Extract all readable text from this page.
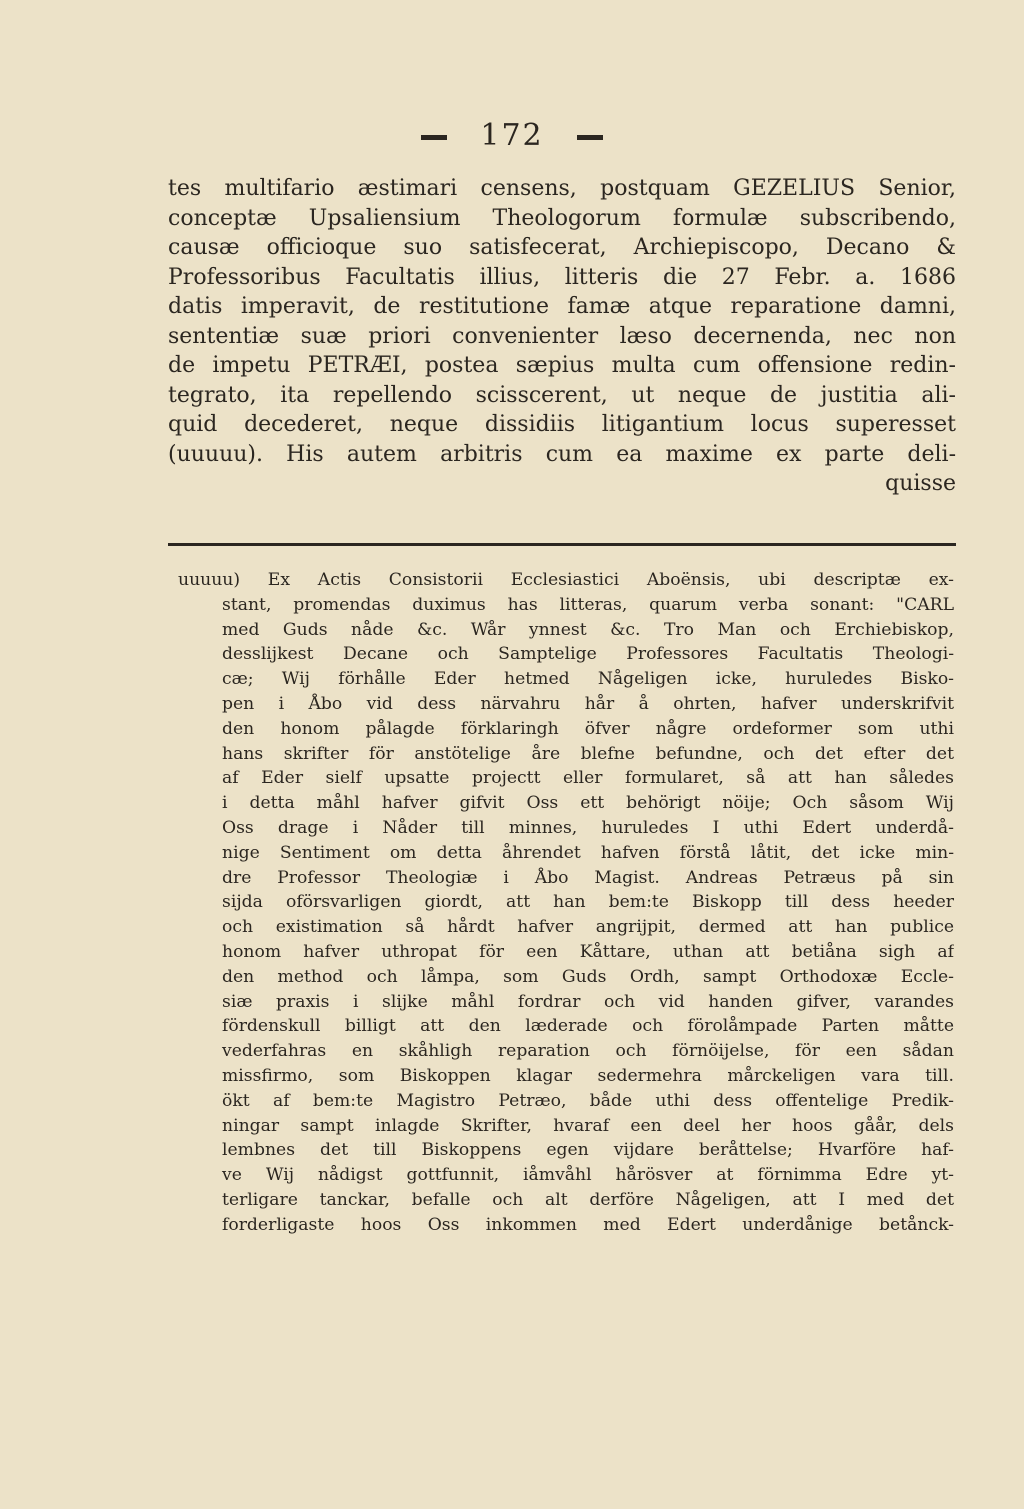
172
tes multifario æstimari censens, postquam GEZELIUS Senior,
conceptæ Upsaliensium Theologorum formulæ subscribendo,
causæ officioque suo satisfecerat, Archiepiscopo, Decano &
Professoribus Facultatis illius, litteris die 27 Febr. a. 1686
datis imperavit, de restitutione famæ atque reparatione damni,
sententiæ suæ priori convenienter læso decernenda, nec non
de impetu PETRÆI, postea sæpius multa cum offensione redin-
tegrato, ita repellendo scisscerent, ut neque de justitia ali-
quid decederet, neque dissidiis litigantium locus superesset
(uuuuu). His autem arbitris cum ea maxime ex parte deli-
quisse
uuuuu) Ex Actis Consistorii Ecclesiastici Aboënsis, ubi descriptæ ex-
stant, promendas duximus has litteras, quarum verba sonant: "CARL
med Guds nåde &c. Wår ynnest &c. Tro Man och Erchiebiskop,
desslijkest Decane och Samptelige Professores Facultatis Theologi-
cæ; Wij förhålle Eder hetmed Någeligen icke, huruledes Bisko-
pen i Åbo vid dess närvahru hår å ohrten, hafver underskrifvit
den honom pålagde förklaringh öfver någre ordeformer som uthi
hans skrifter för anstötelige åre blefne befundne, och det efter det
af Eder sielf upsatte projectt eller formularet, så att han således
i detta måhl hafver gifvit Oss ett behörigt nöije; Och såsom Wij
Oss drage i Nåder till minnes, huruledes I uthi Edert underdå-
nige Sentiment om detta åhrendet hafven förstå låtit, det icke min-
dre Professor Theologiæ i Åbo Magist. Andreas Petræus på sin
sijda oförsvarligen giordt, att han bem:te Biskopp till dess heeder
och existimation så hårdt hafver angrijpit, dermed att han publice
honom hafver uthropat för een Kåttare, uthan att betiåna sigh af
den method och låmpa, som Guds Ordh, sampt Orthodoxæ Eccle-
siæ praxis i slijke måhl fordrar och vid handen gifver, varandes
fördenskull billigt att den læderade och förolåmpade Parten måtte
vederfahras en skåhligh reparation och förnöijelse, för een sådan
missfirmo, som Biskoppen klagar sedermehra mårckeligen vara till.
ökt af bem:te Magistro Petræo, både uthi dess offentelige Predik-
ningar sampt inlagde Skrifter, hvaraf een deel her hoos gåår, dels
lembnes det till Biskoppens egen vijdare beråttelse; Hvarföre haf-
ve Wij nådigst gottfunnit, iåmvåhl hårösver at förnimma Edre yt-
terligare tanckar, befalle och alt derföre Någeligen, att I med det
forderligaste hoos Oss inkommen med Edert underdånige betånck-
